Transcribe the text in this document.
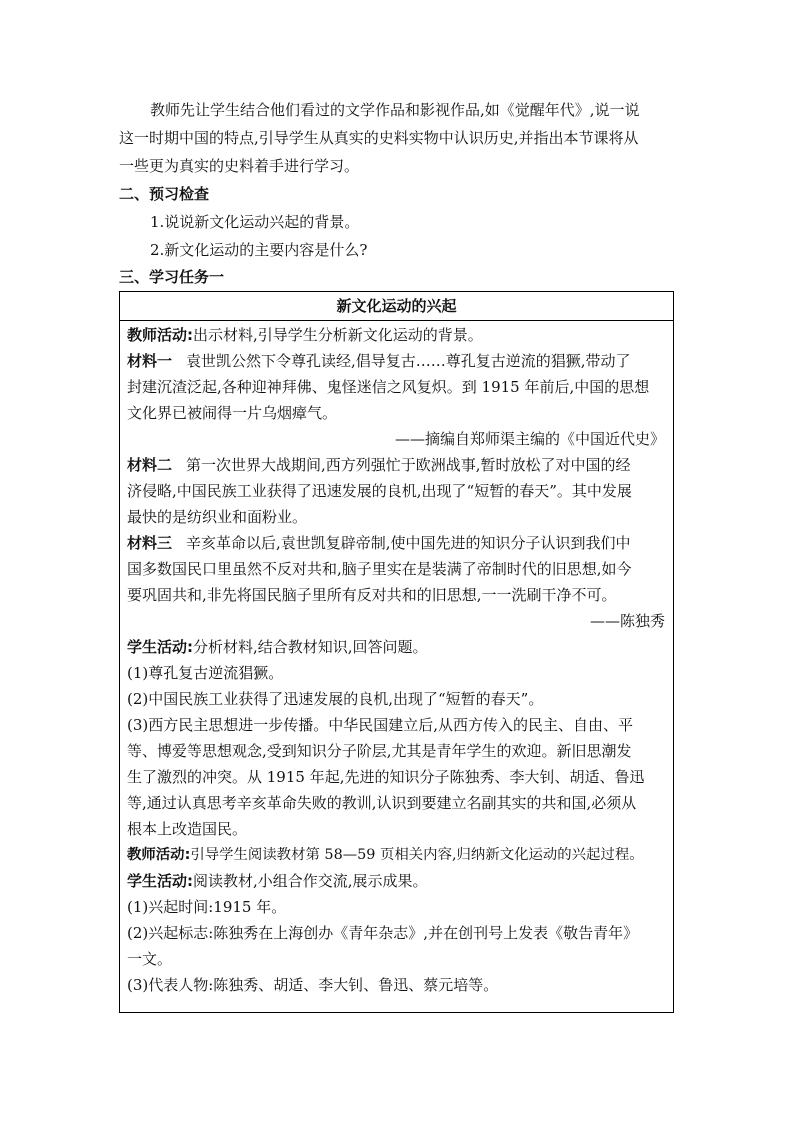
教师先让学生结合他们看过的文学作品和影视作品,如《觉醒年代》,说一说
这一时期中国的特点,引导学生从真实的史料实物中认识历史,并指出本节课将从
一些更为真实的史料着手进行学习。
二、预习检查
1.说说新文化运动兴起的背景。
2.新文化运动的主要内容是什么?
三、学习任务一
新文化运动的兴起
教师活动:出示材料,引导学生分析新文化运动的背景。
材料一 袁世凯公然下令尊孔读经,倡导复古……尊孔复古逆流的猖獗,带动了
封建沉渣泛起,各种迎神拜佛、鬼怪迷信之风复炽。到 1915 年前后,中国的思想
文化界已被闹得一片乌烟瘴气。
——摘编自郑师渠主编的《中国近代史》
材料二 第一次世界大战期间,西方列强忙于欧洲战事,暂时放松了对中国的经
济侵略,中国民族工业获得了迅速发展的良机,出现了“短暂的春天”。其中发展
最快的是纺织业和面粉业。
材料三 辛亥革命以后,袁世凯复辟帝制,使中国先进的知识分子认识到我们中
国多数国民口里虽然不反对共和,脑子里实在是装满了帝制时代的旧思想,如今
要巩固共和,非先将国民脑子里所有反对共和的旧思想,一一洗刷干净不可。
——陈独秀
学生活动:分析材料,结合教材知识,回答问题。
(1)尊孔复古逆流猖獗。
(2)中国民族工业获得了迅速发展的良机,出现了“短暂的春天”。
(3)西方民主思想进一步传播。中华民国建立后,从西方传入的民主、自由、平
等、博爱等思想观念,受到知识分子阶层,尤其是青年学生的欢迎。新旧思潮发
生了激烈的冲突。从 1915 年起,先进的知识分子陈独秀、李大钊、胡适、鲁迅
等,通过认真思考辛亥革命失败的教训,认识到要建立名副其实的共和国,必须从
根本上改造国民。
教师活动:引导学生阅读教材第 58—59 页相关内容,归纳新文化运动的兴起过程。
学生活动:阅读教材,小组合作交流,展示成果。
(1)兴起时间:1915 年。
(2)兴起标志:陈独秀在上海创办《青年杂志》,并在创刊号上发表《敬告青年》
一文。
(3)代表人物:陈独秀、胡适、李大钊、鲁迅、蔡元培等。
